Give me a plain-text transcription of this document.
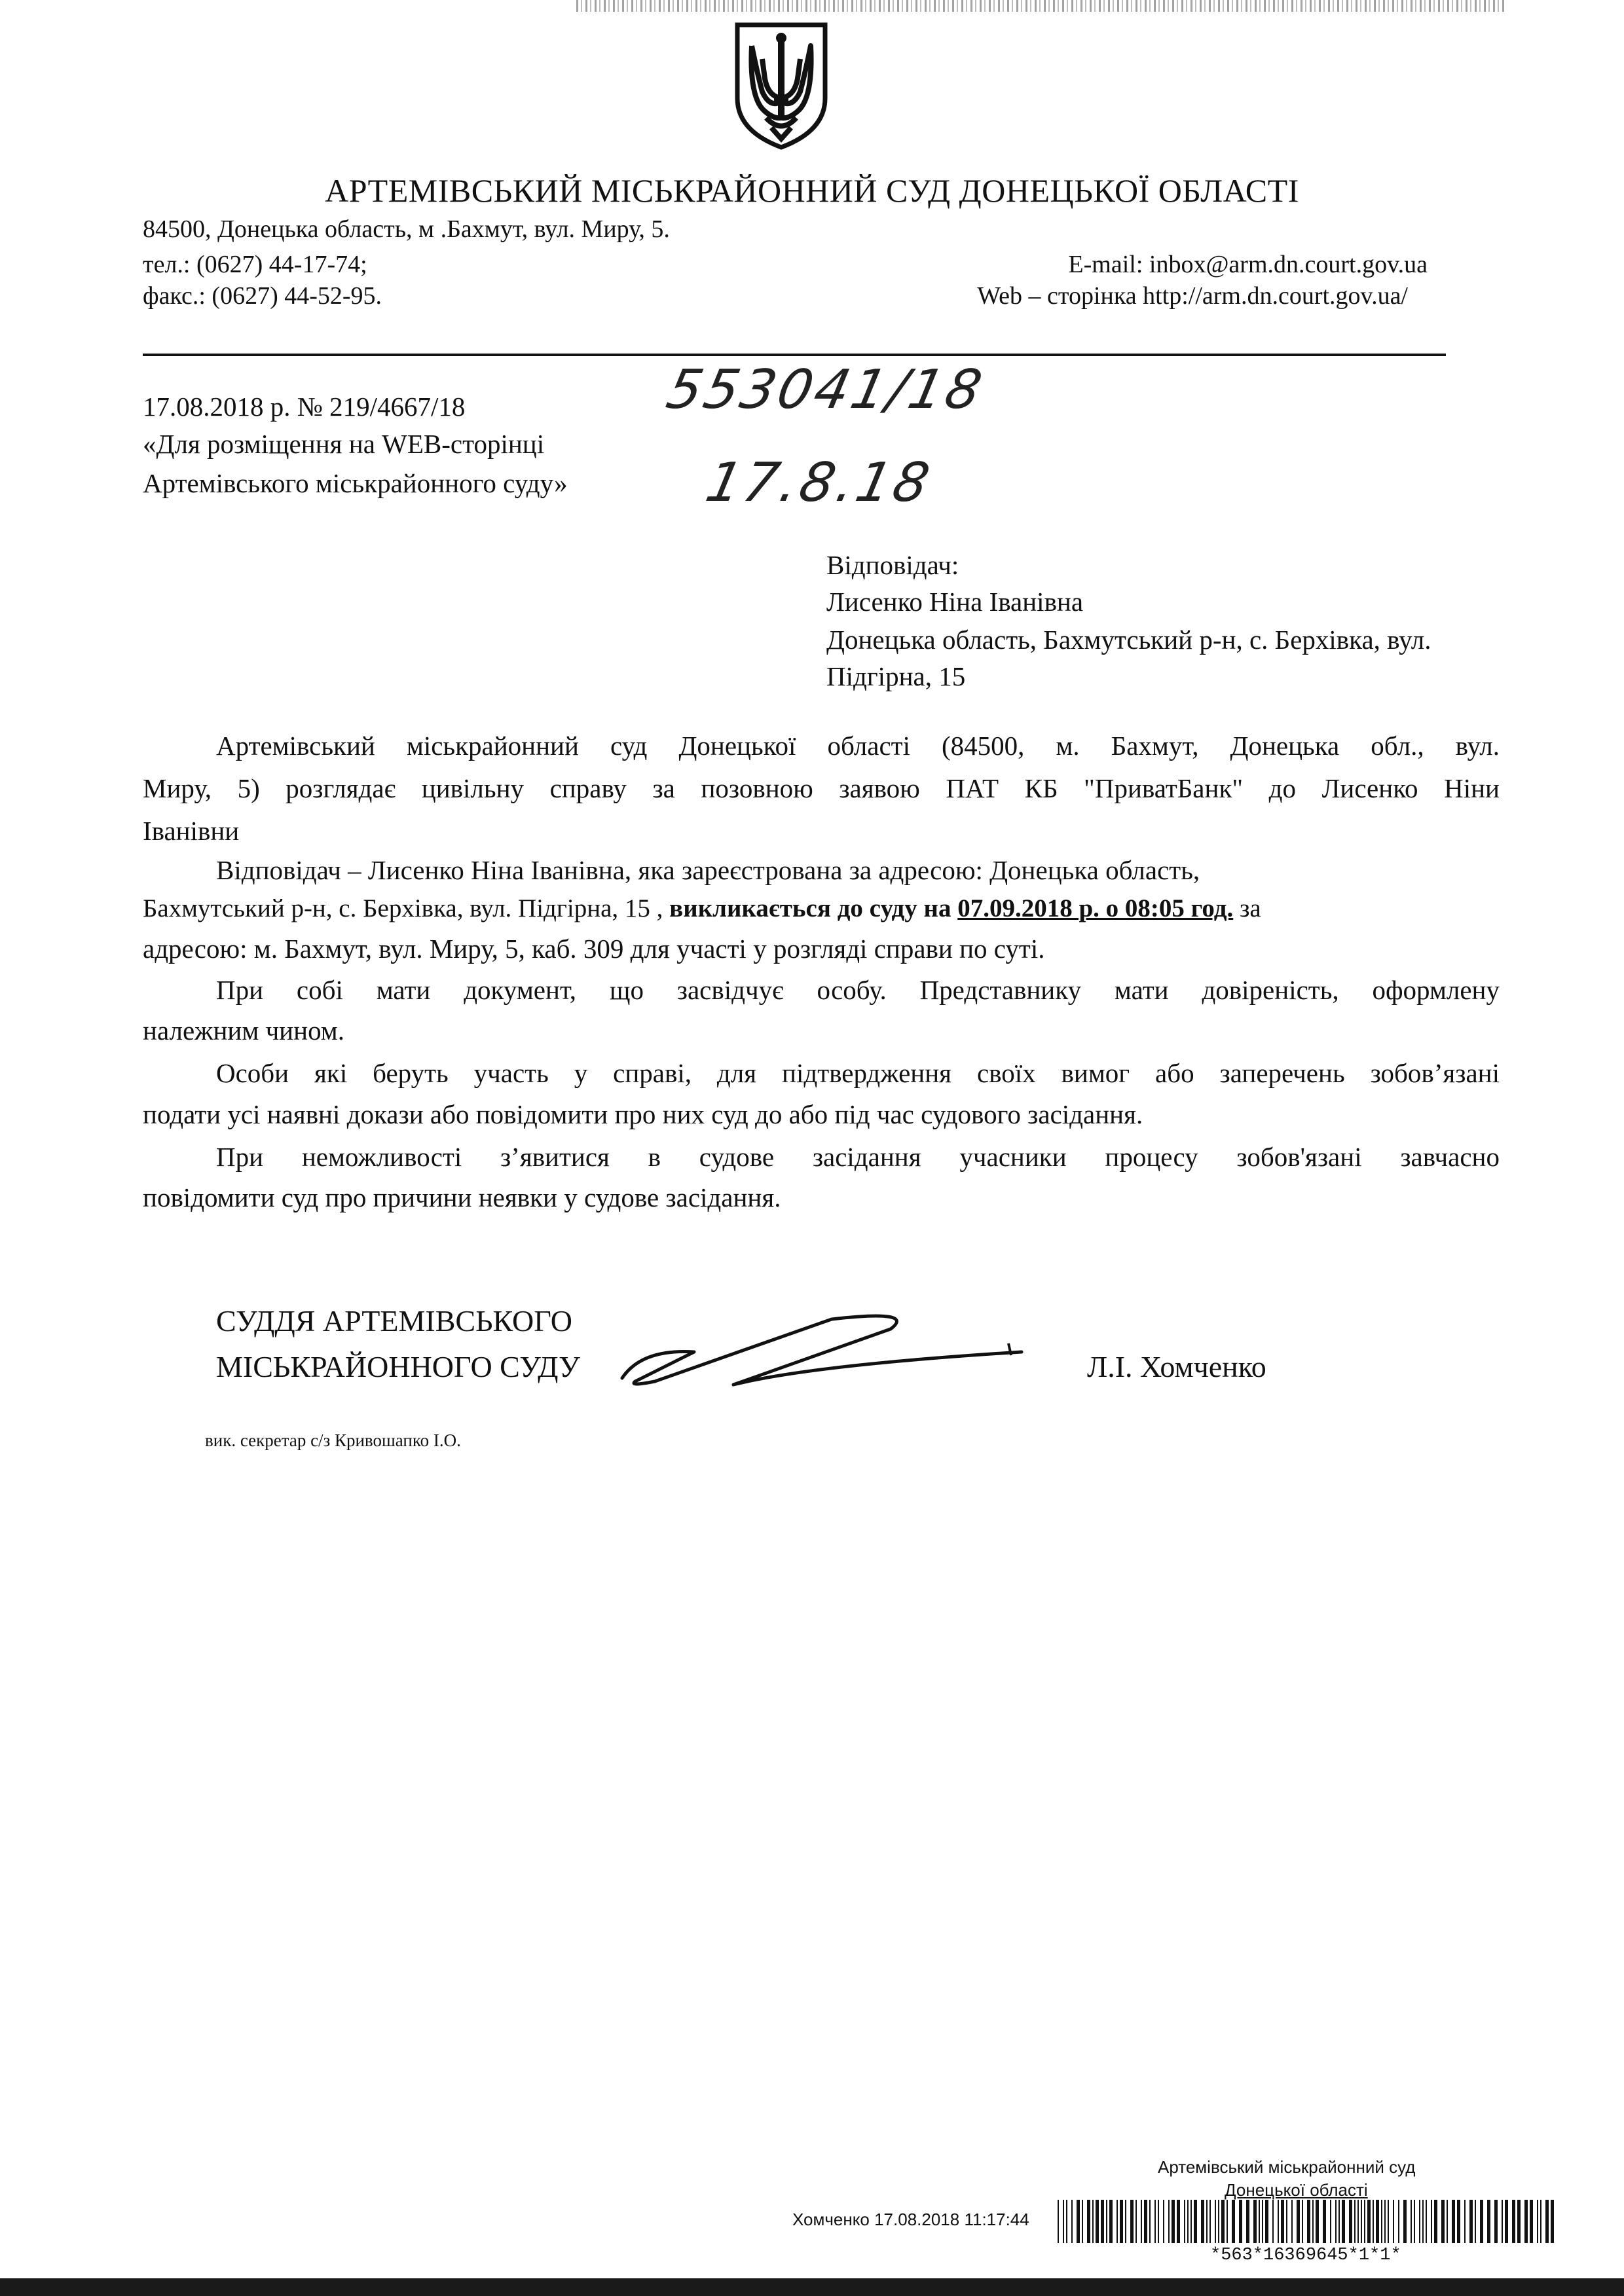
АРТЕМІВСЬКИЙ МІСЬКРАЙОННИЙ СУД ДОНЕЦЬКОЇ ОБЛАСТІ
84500, Донецька область, м .Бахмут, вул. Миру, 5.
тел.: (0627) 44-17-74;
факс.: (0627) 44-52-95.
E-mail: inbox@arm.dn.court.gov.ua
Web – сторінка http://arm.dn.court.gov.ua/
17.08.2018 р. № 219/4667/18
«Для розміщення на WEB-сторінці
Артемівського міськрайонного суду»
553041/18
17.8.18
Відповідач:
Лисенко Ніна Іванівна
Донецька область, Бахмутський р-н, с. Берхівка, вул.
Підгірна, 15
Артемівський міськрайонний суд Донецької області (84500, м. Бахмут, Донецька обл., вул.
Миру, 5) розглядає цивільну справу за позовною заявою ПАТ КБ "ПриватБанк" до Лисенко Ніни
Іванівни
Відповідач – Лисенко Ніна Іванівна, яка зареєстрована за адресою: Донецька область,
Бахмутський р-н, с. Берхівка, вул. Підгірна, 15 , викликається до суду на 07.09.2018 р. о 08:05 год. за
адресою: м. Бахмут, вул. Миру, 5, каб. 309 для участі у розгляді справи по суті.
При собі мати документ, що засвідчує особу. Представнику мати довіреність, оформлену
належним чином.
Особи які беруть участь у справі, для підтвердження своїх вимог або заперечень зобов’язані
подати усі наявні докази або повідомити про них суд до або під час судового засідання.
При неможливості з’явитися в судове засідання учасники процесу зобов'язані завчасно
повідомити суд про причини неявки у судове засідання.
СУДДЯ АРТЕМІВСЬКОГО
МІСЬКРАЙОННОГО СУДУ	Л.І. Хомченко
вик. секретар с/з Кривошапко І.О.
Артемівський міськрайонний суд
Донецької області
Хомченко 17.08.2018 11:17:44
*563*16369645*1*1*
